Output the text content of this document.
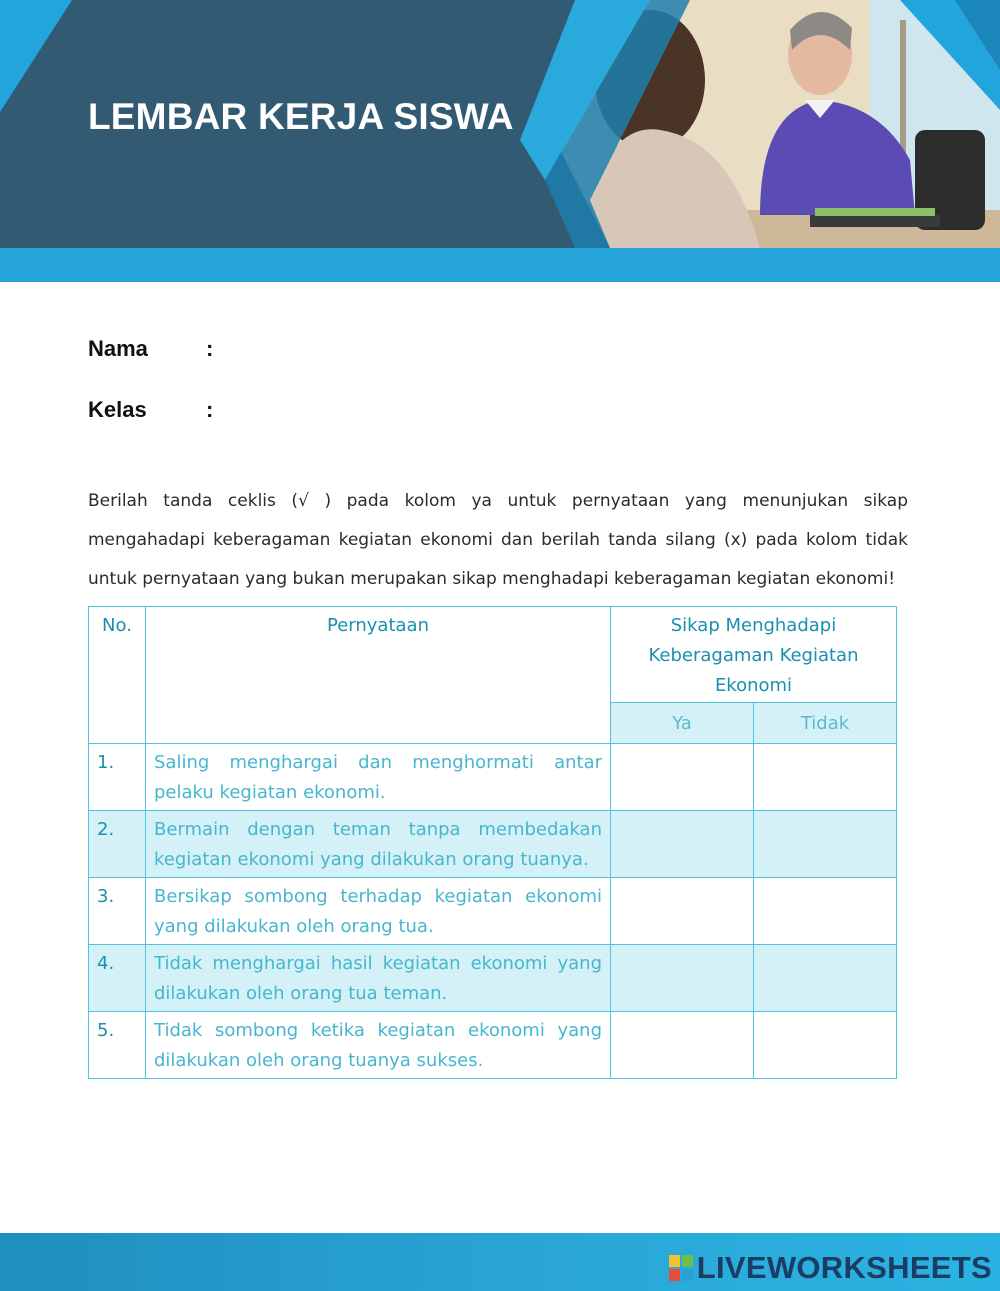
LEMBAR KERJA SISWA
Nama	:
Kelas	:
Berilah tanda ceklis (√ ) pada kolom ya untuk pernyataan yang menunjukan sikap mengahadapi keberagaman kegiatan ekonomi dan berilah tanda silang (x) pada kolom tidak untuk pernyataan yang bukan merupakan sikap menghadapi keberagaman kegiatan ekonomi!
No.	Pernyataan	Sikap Menghadapi Keberagaman Kegiatan Ekonomi	
		Ya	Tidak
1.	Saling menghargai dan menghormati antar pelaku kegiatan ekonomi.		
2.	Bermain dengan teman tanpa membedakan kegiatan ekonomi yang dilakukan orang tuanya.		
3.	Bersikap sombong terhadap kegiatan ekonomi yang dilakukan oleh orang tua.		
4.	Tidak menghargai hasil kegiatan ekonomi yang dilakukan oleh orang tua teman.		
5.	Tidak sombong ketika kegiatan ekonomi yang dilakukan oleh orang tuanya sukses.		
LIVEWORKSHEETS
